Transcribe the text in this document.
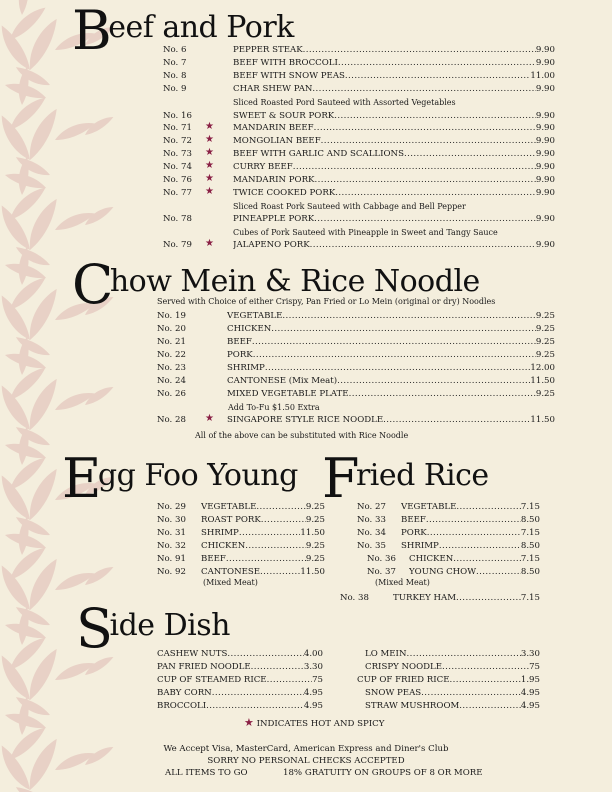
Beef and Pork
Sliced Roasted Pord Sauteed with Assorted Vegetables
Sliced Roast Pork Sauteed with Cabbage and Bell Pepper
Cubes of Pork Sauteed with Pineapple in Sweet and Tangy Sauce
Chow Mein & Rice Noodle
Served with Choice of either Crispy, Pan Fried or Lo Mein (original or dry) Noodles
Add To-Fu $1.50 Extra
All of the above can be substituted with Rice Noodle
Egg Foo Young
(Mixed Meat)
Fried Rice
(Mixed Meat)
Side Dish
★ INDICATES HOT AND SPICY
We Accept Visa, MasterCard, American Express and Diner's Club
SORRY NO PERSONAL CHECKS ACCEPTED
ALL ITEMS TO GO	18% GRATUITY ON GROUPS OF 8 OR MORE
No. 6	PEPPER STEAK .....	9.90
No. 7	BEEF WITH BROCCOLI .....	9.90
No. 8	BEEF WITH SNOW PEAS .....	11.00
No. 9	CHAR SHEW PAN .....	9.90
No. 16	SWEET & SOUR PORK .....	9.90
No. 71 ★ MANDARIN BEEF .....	9.90
No. 72 ★ MONGOLIAN BEEF .....	9.90
No. 73 ★ BEEF WITH GARLIC AND SCALLIONS .....	9.90
No. 74 ★ CURRY BEEF .....	9.90
No. 76 ★ MANDARIN PORK .....	9.90
No. 77 ★ TWICE COOKED PORK .....	9.90
No. 78	PINEAPPLE PORK .....	9.90
No. 79 ★ JALAPENO PORK .....	9.90
No. 19	VEGETABLE .....	9.25
No. 20	CHICKEN .....	9.25
No. 21	BEEF .....	9.25
No. 22	PORK .....	9.25
No. 23	SHRIMP .....	12.00
No. 24	CANTONESE (Mix Meat) .....	11.50
No. 26	MIXED VEGETABLE PLATE .....	9.25
No. 28 ★ SINGAPORE STYLE RICE NOODLE .....	11.50
No. 29 VEGETABLE .....	9.25
No. 30 ROAST PORK .....	9.25
No. 31 SHRIMP .....	11.50
No. 32 CHICKEN .....	9.25
No. 91 BEEF .....	9.25
No. 92 CANTONESE .....	11.50
No. 27 VEGETABLE .....	7.15
No. 33 BEEF .....	8.50
No. 34 PORK .....	7.15
No. 35 SHRIMP .....	8.50
No. 36 CHICKEN .....	7.15
No. 37 YOUNG CHOW .....	8.50
No. 38	TURKEY HAM .....	7.15
CASHEW NUTS .....	4.00
PAN FRIED NOODLE .....	3.30
CUP OF STEAMED RICE .....	75
BABY CORN .....	4.95
BROCCOLI .....	4.95
LO MEIN .....	3.30
CRISPY NOODLE .....	75
CUP OF FRIED RICE .....	1.95
SNOW PEAS .....	4.95
STRAW MUSHROOM .....	4.95
